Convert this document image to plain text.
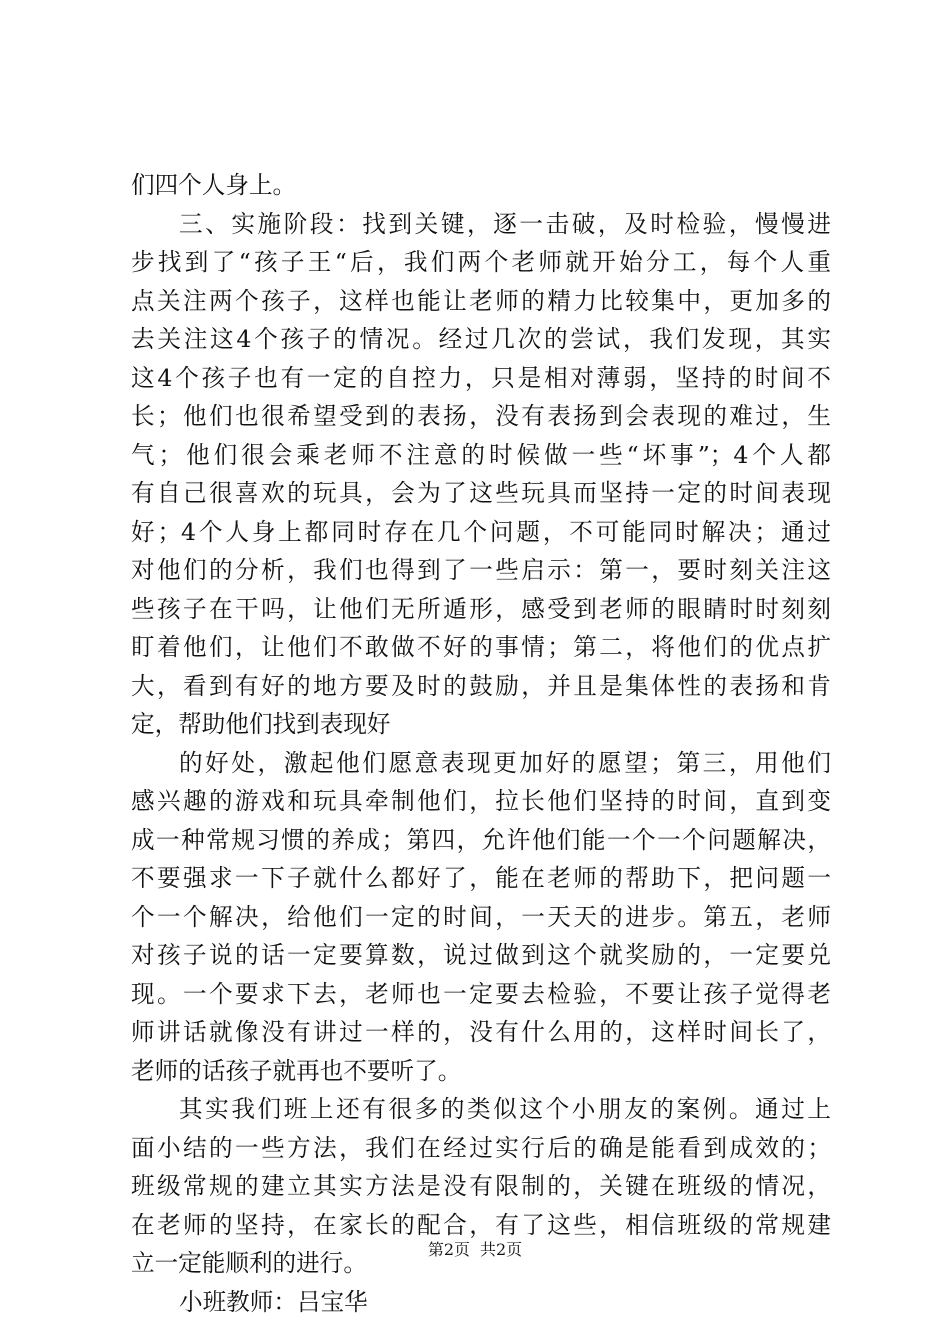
们四个人身上。
三、实施阶段：找到关键，逐一击破，及时检验，慢慢进
步找到了“孩子王“后，我们两个老师就开始分工，每个人重
点关注两个孩子，这样也能让老师的精力比较集中，更加多的
去关注这4个孩子的情况。经过几次的尝试，我们发现，其实
这4个孩子也有一定的自控力，只是相对薄弱，坚持的时间不
长；他们也很希望受到的表扬，没有表扬到会表现的难过，生
气；他们很会乘老师不注意的时候做一些“坏事”；4个人都
有自己很喜欢的玩具，会为了这些玩具而坚持一定的时间表现
好；4个人身上都同时存在几个问题，不可能同时解决；通过
对他们的分析，我们也得到了一些启示：第一，要时刻关注这
些孩子在干吗，让他们无所遁形，感受到老师的眼睛时时刻刻
盯着他们，让他们不敢做不好的事情；第二，将他们的优点扩
大，看到有好的地方要及时的鼓励，并且是集体性的表扬和肯
定，帮助他们找到表现好
的好处，激起他们愿意表现更加好的愿望；第三，用他们
感兴趣的游戏和玩具牵制他们，拉长他们坚持的时间，直到变
成一种常规习惯的养成；第四，允许他们能一个一个问题解决，
不要强求一下子就什么都好了，能在老师的帮助下，把问题一
个一个解决，给他们一定的时间，一天天的进步。第五，老师
对孩子说的话一定要算数，说过做到这个就奖励的，一定要兑
现。一个要求下去，老师也一定要去检验，不要让孩子觉得老
师讲话就像没有讲过一样的，没有什么用的，这样时间长了，
老师的话孩子就再也不要听了。
其实我们班上还有很多的类似这个小朋友的案例。通过上
面小结的一些方法，我们在经过实行后的确是能看到成效的；
班级常规的建立其实方法是没有限制的，关键在班级的情况，
在老师的坚持，在家长的配合，有了这些，相信班级的常规建
立一定能顺利的进行。
小班教师：吕宝华
第2页 共2页
